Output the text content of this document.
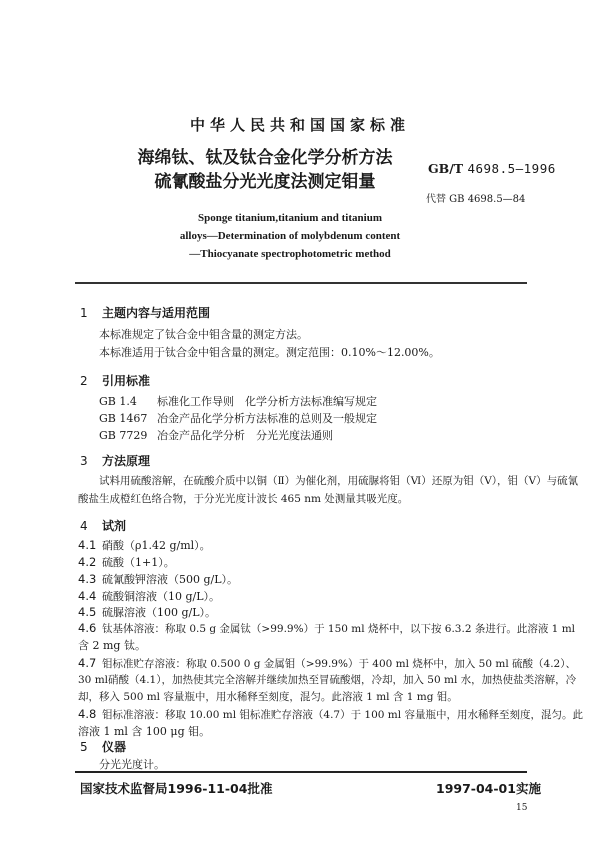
中华人民共和国国家标准
海绵钛、钛及钛合金化学分析方法
硫氰酸盐分光光度法测定钼量
GB/T 4698.5—1996
代替 GB 4698.5—84
Sponge titanium,titanium and titanium
alloys—Determination of molybdenum content
—Thiocyanate spectrophotometric method
1 主题内容与适用范围
本标准规定了钛合金中钼含量的测定方法。
本标准适用于钛合金中钼含量的测定。测定范围：0.10%～12.00%。
2 引用标准
GB 1.4 标准化工作导则　化学分析方法标准编写规定
GB 1467 冶金产品化学分析方法标准的总则及一般规定
GB 7729 冶金产品化学分析　分光光度法通则
3 方法原理
试料用硫酸溶解，在硫酸介质中以铜（Ⅱ）为催化剂，用硫脲将钼（Ⅵ）还原为钼（Ⅴ），钼（Ⅴ）与硫氰
酸盐生成橙红色络合物，于分光光度计波长 465 nm 处测量其吸光度。
4 试剂
4.1 硝酸（ρ1.42 g/ml）。
4.2 硫酸（1+1）。
4.3 硫氰酸钾溶液（500 g/L）。
4.4 硫酸铜溶液（10 g/L）。
4.5 硫脲溶液（100 g/L）。
4.6 钛基体溶液：称取 0.5 g 金属钛（>99.9%）于 150 ml 烧杯中，以下按 6.3.2 条进行。此溶液 1 ml
含 2 mg 钛。
4.7 钼标准贮存溶液：称取 0.500 0 g 金属钼（>99.9%）于 400 ml 烧杯中，加入 50 ml 硫酸（4.2）、
30 ml硝酸（4.1），加热使其完全溶解并继续加热至冒硫酸烟，冷却，加入 50 ml 水，加热使盐类溶解，冷
却，移入 500 ml 容量瓶中，用水稀释至刻度，混匀。此溶液 1 ml 含 1 mg 钼。
4.8 钼标准溶液：移取 10.00 ml 钼标准贮存溶液（4.7）于 100 ml 容量瓶中，用水稀释至刻度，混匀。此
溶液 1 ml 含 100 μg 钼。
5 仪器
分光光度计。
国家技术监督局1996-11-04批准	1997-04-01实施
15
